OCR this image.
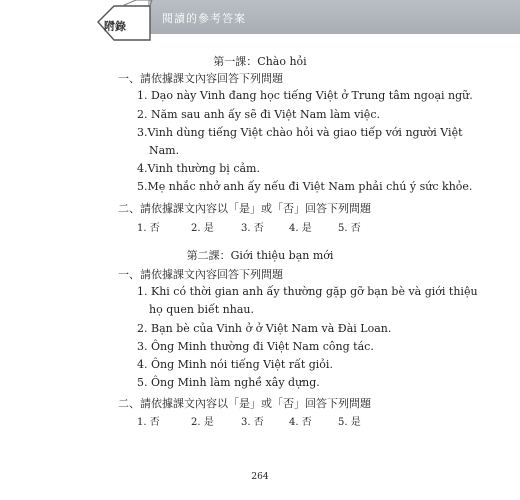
附錄
閱讀的參考答案
第一課：Chào hỏi
一、請依據課文內容回答下列問題
1. Dạo này Vinh đang học tiếng Việt ở Trung tâm ngoại ngữ.
2. Năm sau anh ấy sẽ đi Việt Nam làm việc.
3.Vinh dùng tiếng Việt chào hỏi và giao tiếp với người Việt
Nam.
4.Vinh thường bị cảm.
5.Mẹ nhắc nhở anh ấy nếu đi Việt Nam phải chú ý sức khỏe.
二、請依據課文內容以「是」或「否」回答下列問題
1. 否	2. 是	3. 否	4. 是	5. 否
第二課：Giới thiệu bạn mới
一、請依據課文內容回答下列問題
1. Khi có thời gian anh ấy thường gặp gỡ bạn bè và giới thiệu
họ quen biết nhau.
2. Bạn bè của Vinh ở ở Việt Nam và Đài Loan.
3. Ông Minh thường đi Việt Nam công tác.
4. Ông Minh nói tiếng Việt rất giỏi.
5. Ông Minh làm nghề xây dựng.
二、請依據課文內容以「是」或「否」回答下列問題
1. 否	2. 是	3. 否	4. 否	5. 是
264
